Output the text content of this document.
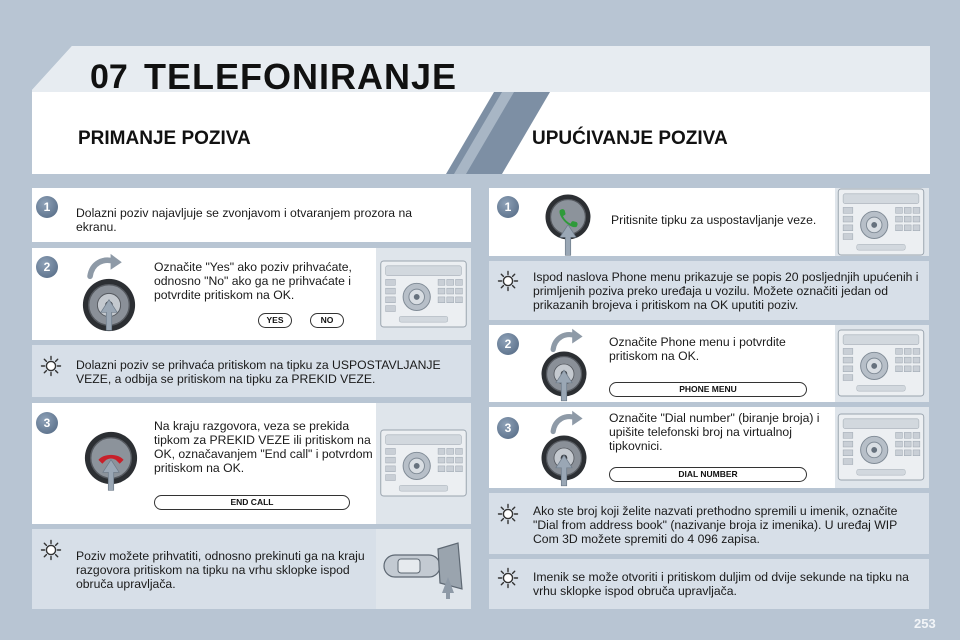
07 TELEFONIRANJE
PRIMANJE POZIVA	UPUĆIVANJE POZIVA
1	Dolazni poziv najavljuje se zvonjavom i otvaranjem prozora na ekranu.
2	Označite "Yes" ako poziv prihvaćate, odnosno "No" ako ga ne prihvaćate i potvrdite pritiskom na OK.
YES	NO
Dolazni poziv se prihvaća pritiskom na tipku za USPOSTAVLJANJE VEZE, a odbija se pritiskom na tipku za PREKID VEZE.
3	Na kraju razgovora, veza se prekida tipkom za PREKID VEZE ili pritiskom na OK, označavanjem "End call" i potvrdom pritiskom na OK.
END CALL
Poziv možete prihvatiti, odnosno prekinuti ga na kraju razgovora pritiskom na tipku na vrhu sklopke ispod obruča upravljača.
1
Pritisnite tipku za uspostavljanje veze.
Ispod naslova Phone menu prikazuje se popis 20 posljednjih upućenih i primljenih poziva preko uređaja u vozilu. Možete označiti jedan od prikazanih brojeva i pritiskom na OK uputiti poziv.
2	Označite Phone menu i potvrdite pritiskom na OK.
PHONE MENU
3
Označite "Dial number" (biranje broja) i upišite telefonski broj na virtualnoj tipkovnici.
DIAL NUMBER
Ako ste broj koji želite nazvati prethodno spremili u imenik, označite "Dial from address book" (nazivanje broja iz imenika). U uređaj WIP Com 3D možete spremiti do 4 096 zapisa.
Imenik se može otvoriti i pritiskom duljim od dvije sekunde na tipku na vrhu sklopke ispod obruča upravljača.
253
